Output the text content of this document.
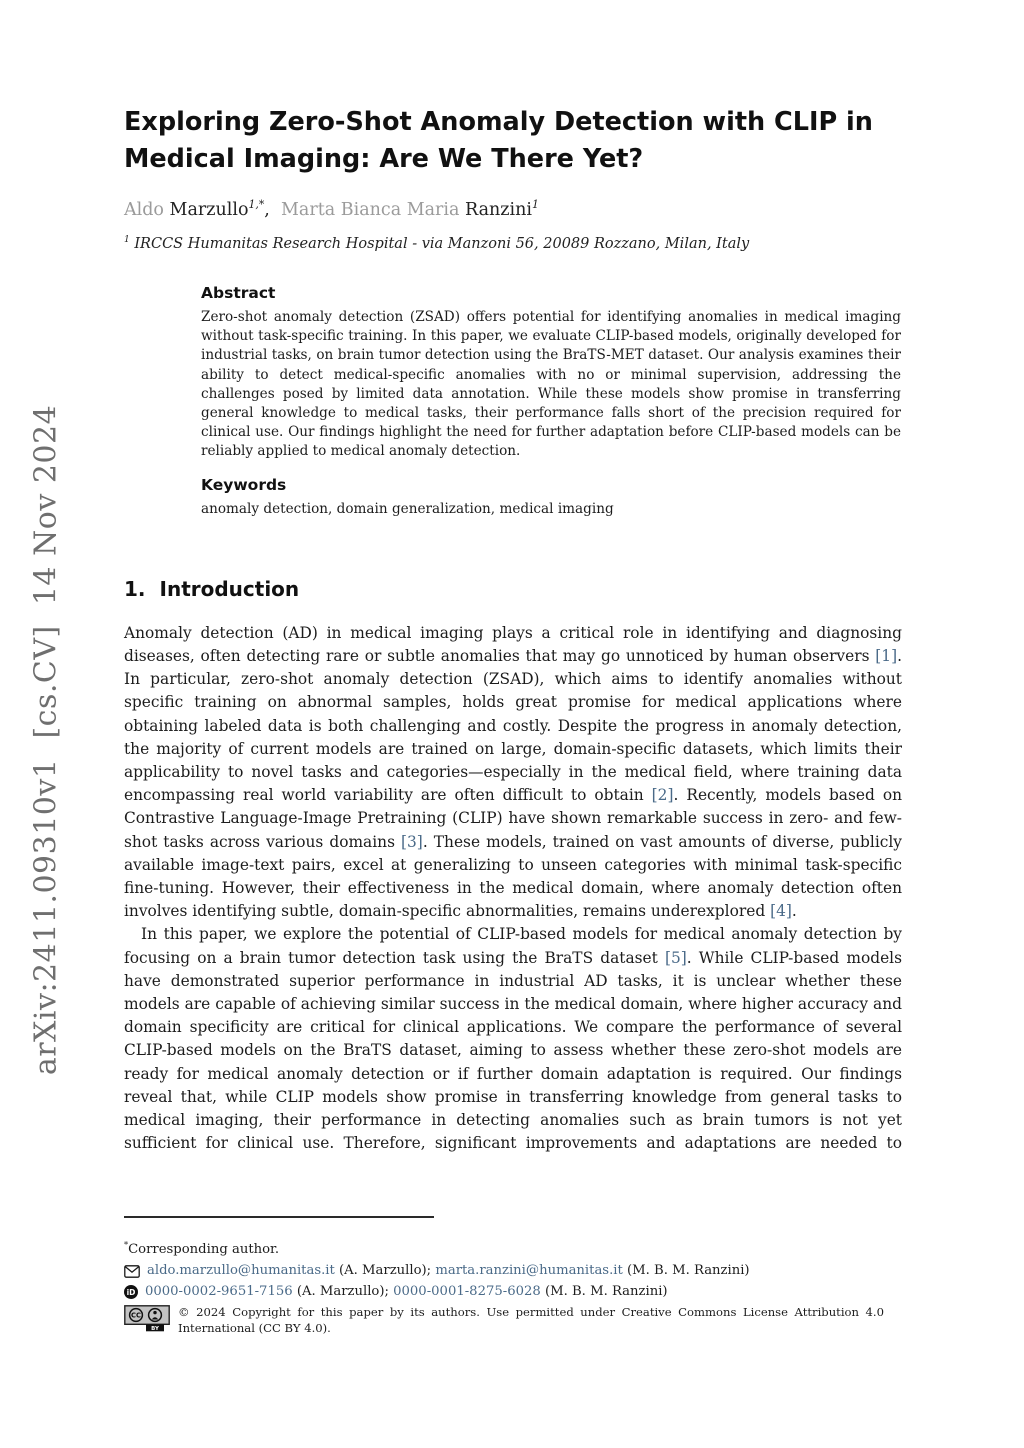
arXiv:2411.09310v1  [cs.CV]  14 Nov 2024
Exploring Zero-Shot Anomaly Detection with CLIP in
Medical Imaging: Are We There Yet?
Aldo Marzullo$^{1,*}$,  Marta Bianca Maria Ranzini$^1$
$^1$ IRCCS Humanitas Research Hospital - via Manzoni 56, 20089 Rozzano, Milan, Italy
Abstract
Zero-shot anomaly detection (ZSAD) offers potential for identifying anomalies in medical imaging without task-specific training. In this paper, we evaluate CLIP-based models, originally developed for industrial tasks, on brain tumor detection using the BraTS-MET dataset. Our analysis examines their ability to detect medical-specific anomalies with no or minimal supervision, addressing the challenges posed by limited data annotation. While these models show promise in transferring general knowledge to medical tasks, their performance falls short of the precision required for clinical use. Our findings highlight the need for further adaptation before CLIP-based models can be reliably applied to medical anomaly detection.
Keywords
anomaly detection, domain generalization, medical imaging
1. Introduction
Anomaly detection (AD) in medical imaging plays a critical role in identifying and diagnosing diseases, often detecting rare or subtle anomalies that may go unnoticed by human observers [1]. In particular, zero-shot anomaly detection (ZSAD), which aims to identify anomalies without specific training on abnormal samples, holds great promise for medical applications where obtaining labeled data is both challenging and costly. Despite the progress in anomaly detection, the majority of current models are trained on large, domain-specific datasets, which limits their applicability to novel tasks and categories—especially in the medical field, where training data encompassing real world variability are often difficult to obtain [2]. Recently, models based on Contrastive Language-Image Pretraining (CLIP) have shown remarkable success in zero- and few-shot tasks across various domains [3]. These models, trained on vast amounts of diverse, publicly available image-text pairs, excel at generalizing to unseen categories with minimal task-specific fine-tuning. However, their effectiveness in the medical domain, where anomaly detection often involves identifying subtle, domain-specific abnormalities, remains underexplored [4].
In this paper, we explore the potential of CLIP-based models for medical anomaly detection by focusing on a brain tumor detection task using the BraTS dataset [5]. While CLIP-based models have demonstrated superior performance in industrial AD tasks, it is unclear whether these models are capable of achieving similar success in the medical domain, where higher accuracy and domain specificity are critical for clinical applications. We compare the performance of several CLIP-based models on the BraTS dataset, aiming to assess whether these zero-shot models are ready for medical anomaly detection or if further domain adaptation is required. Our findings reveal that, while CLIP models show promise in transferring knowledge from general tasks to medical imaging, their performance in detecting anomalies such as brain tumors is not yet sufficient for clinical use. Therefore, significant improvements and adaptations are needed to
*Corresponding author.
aldo.marzullo@humanitas.it (A. Marzullo); marta.ranzini@humanitas.it (M. B. M. Ranzini)
iD 0000-0002-9651-7156 (A. Marzullo); 0000-0001-8275-6028 (M. B. M. Ranzini)
CC
BY
© 2024 Copyright for this paper by its authors. Use permitted under Creative Commons License Attribution 4.0 International (CC BY 4.0).
